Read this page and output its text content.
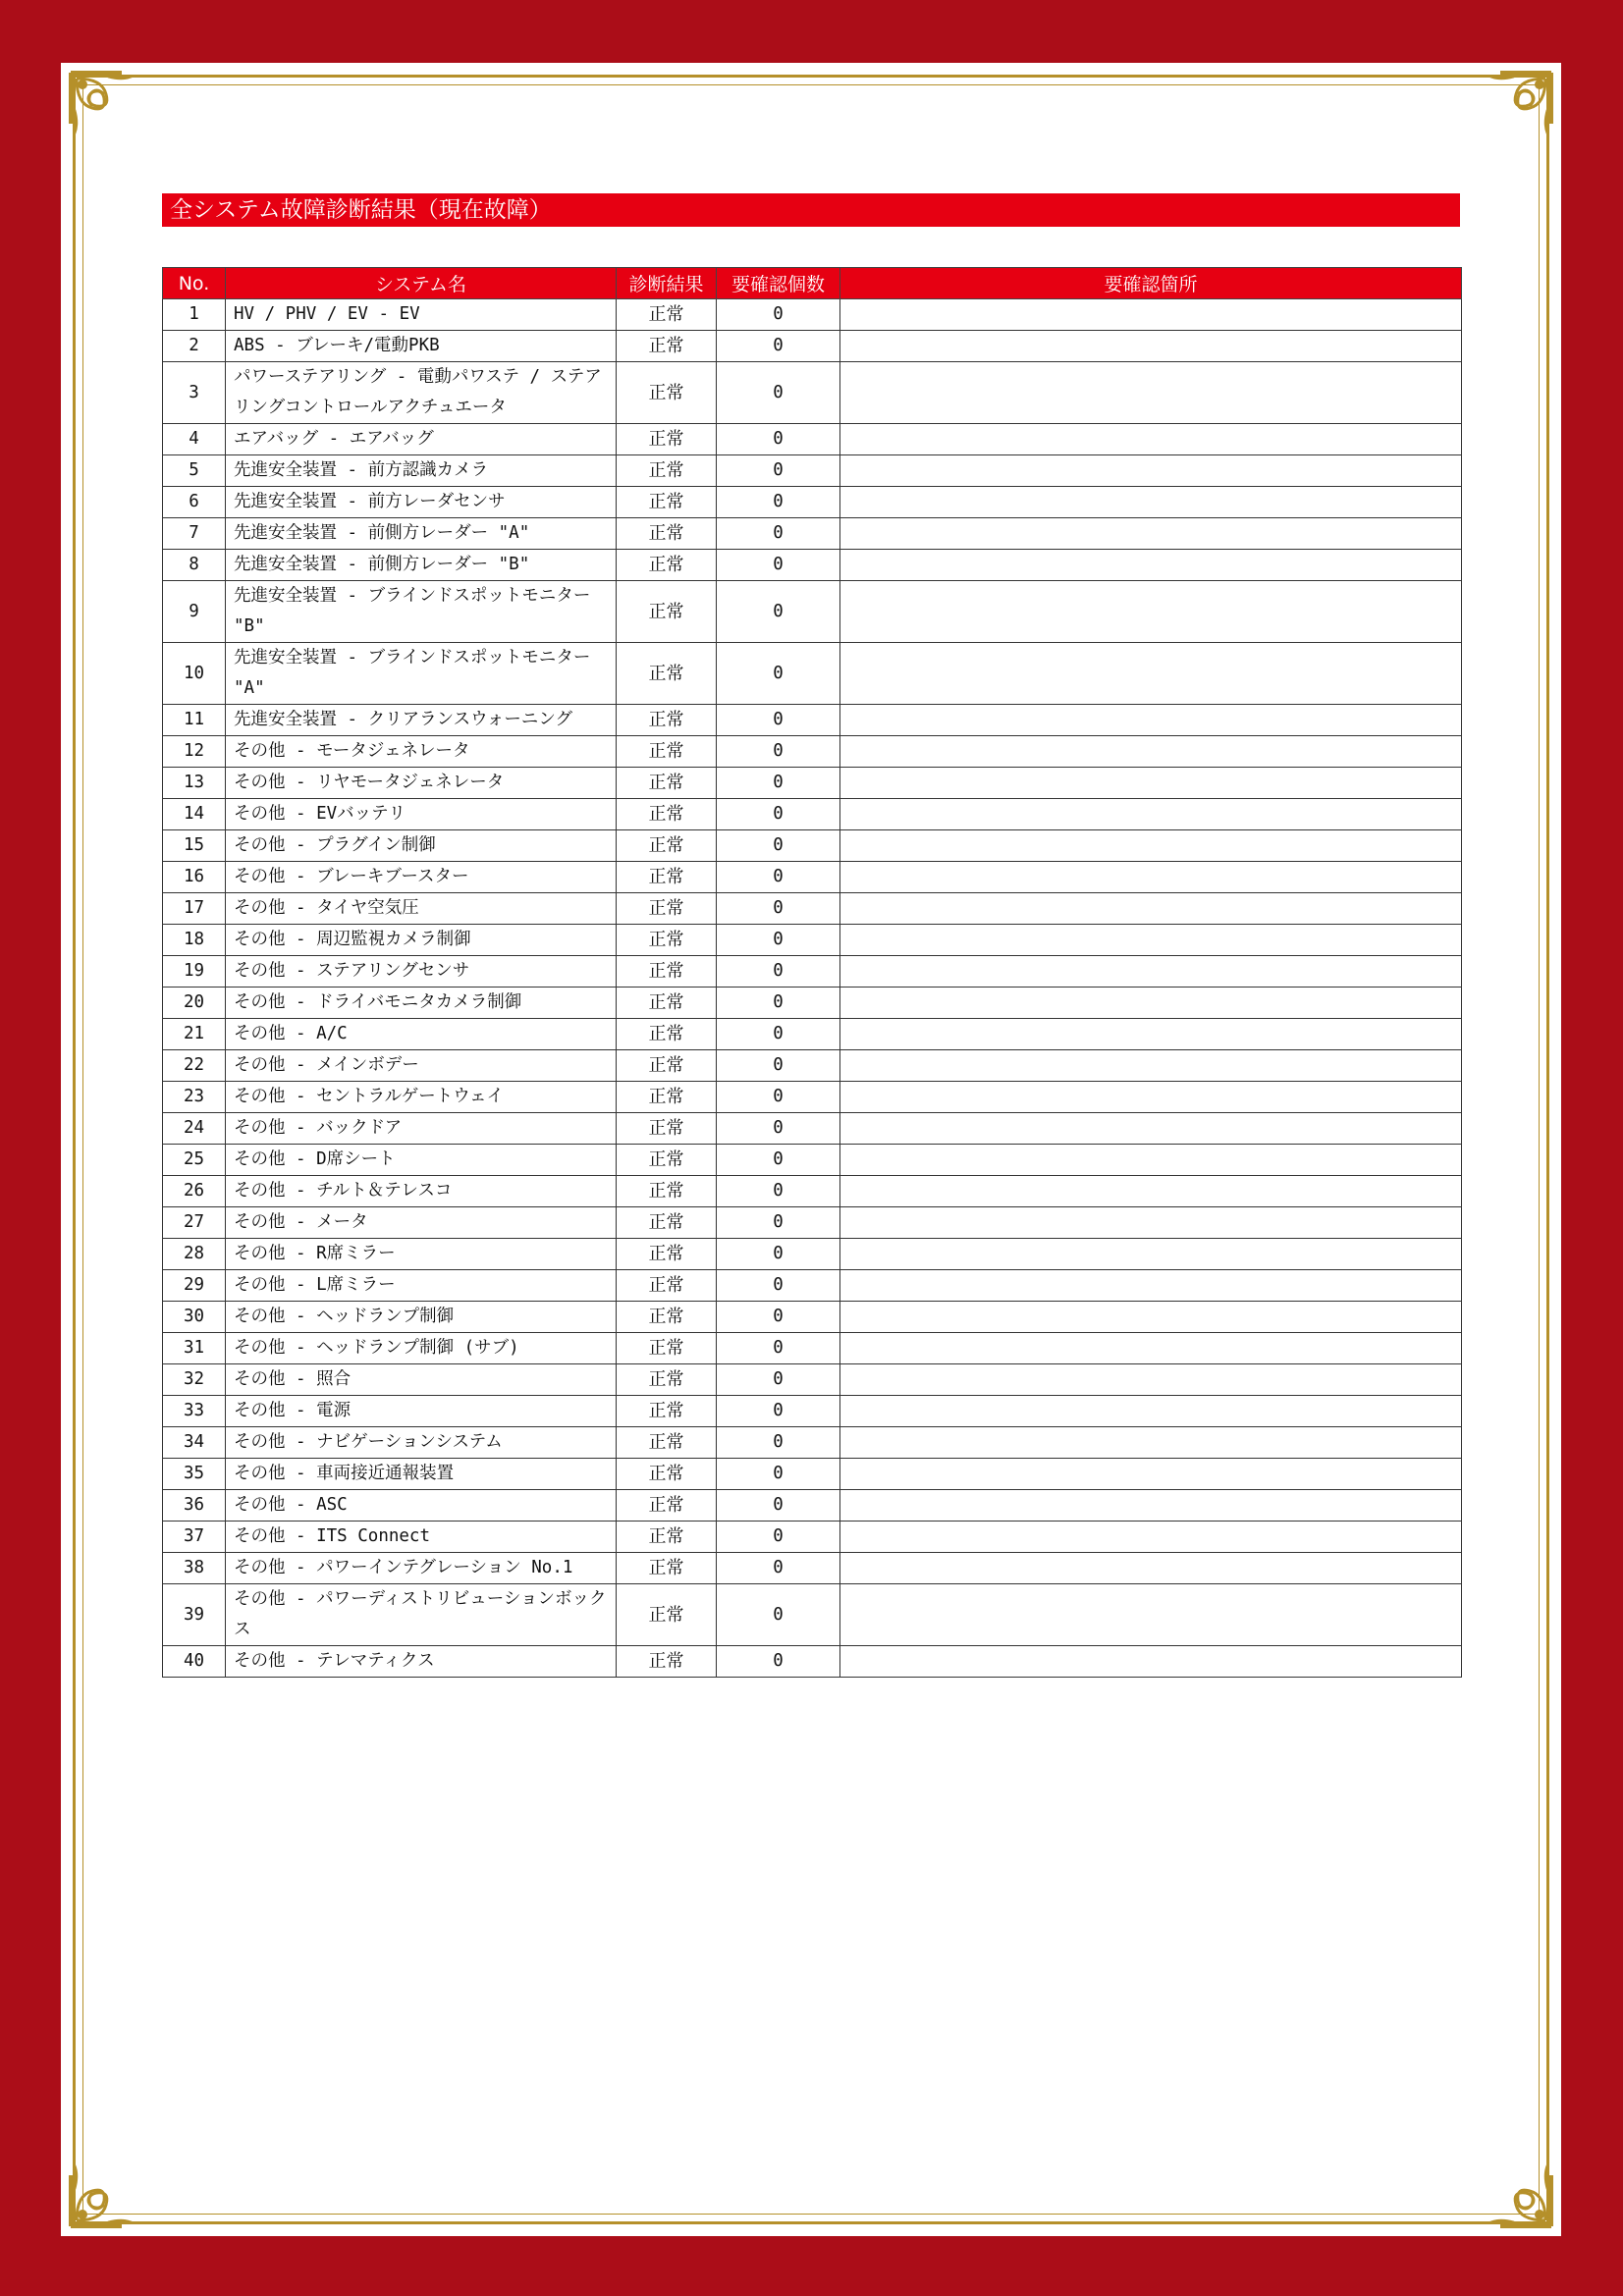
全システム故障診断結果（現在故障）
No.	システム名	診断結果	要確認個数	要確認箇所
1	HV / PHV / EV - EV	正常	0	
2	ABS - ブレーキ/電動PKB	正常	0	
3	パワーステアリング - 電動パワステ / ステアリングコントロールアクチュエータ	正常	0	
4	エアバッグ - エアバッグ	正常	0	
5	先進安全装置 - 前方認識カメラ	正常	0	
6	先進安全装置 - 前方レーダセンサ	正常	0	
7	先進安全装置 - 前側方レーダー "A"	正常	0	
8	先進安全装置 - 前側方レーダー "B"	正常	0	
9	先進安全装置 - ブラインドスポットモニター "B"	正常	0	
10	先進安全装置 - ブラインドスポットモニター "A"	正常	0	
11	先進安全装置 - クリアランスウォーニング	正常	0	
12	その他 - モータジェネレータ	正常	0	
13	その他 - リヤモータジェネレータ	正常	0	
14	その他 - EVバッテリ	正常	0	
15	その他 - プラグイン制御	正常	0	
16	その他 - ブレーキブースター	正常	0	
17	その他 - タイヤ空気圧	正常	0	
18	その他 - 周辺監視カメラ制御	正常	0	
19	その他 - ステアリングセンサ	正常	0	
20	その他 - ドライバモニタカメラ制御	正常	0	
21	その他 - A/C	正常	0	
22	その他 - メインボデー	正常	0	
23	その他 - セントラルゲートウェイ	正常	0	
24	その他 - バックドア	正常	0	
25	その他 - D席シート	正常	0	
26	その他 - チルト＆テレスコ	正常	0	
27	その他 - メータ	正常	0	
28	その他 - R席ミラー	正常	0	
29	その他 - L席ミラー	正常	0	
30	その他 - ヘッドランプ制御	正常	0	
31	その他 - ヘッドランプ制御 (サブ)	正常	0	
32	その他 - 照合	正常	0	
33	その他 - 電源	正常	0	
34	その他 - ナビゲーションシステム	正常	0	
35	その他 - 車両接近通報装置	正常	0	
36	その他 - ASC	正常	0	
37	その他 - ITS Connect	正常	0	
38	その他 - パワーインテグレーション No.1	正常	0	
39	その他 - パワーディストリビューションボックス	正常	0	
40	その他 - テレマティクス	正常	0	
